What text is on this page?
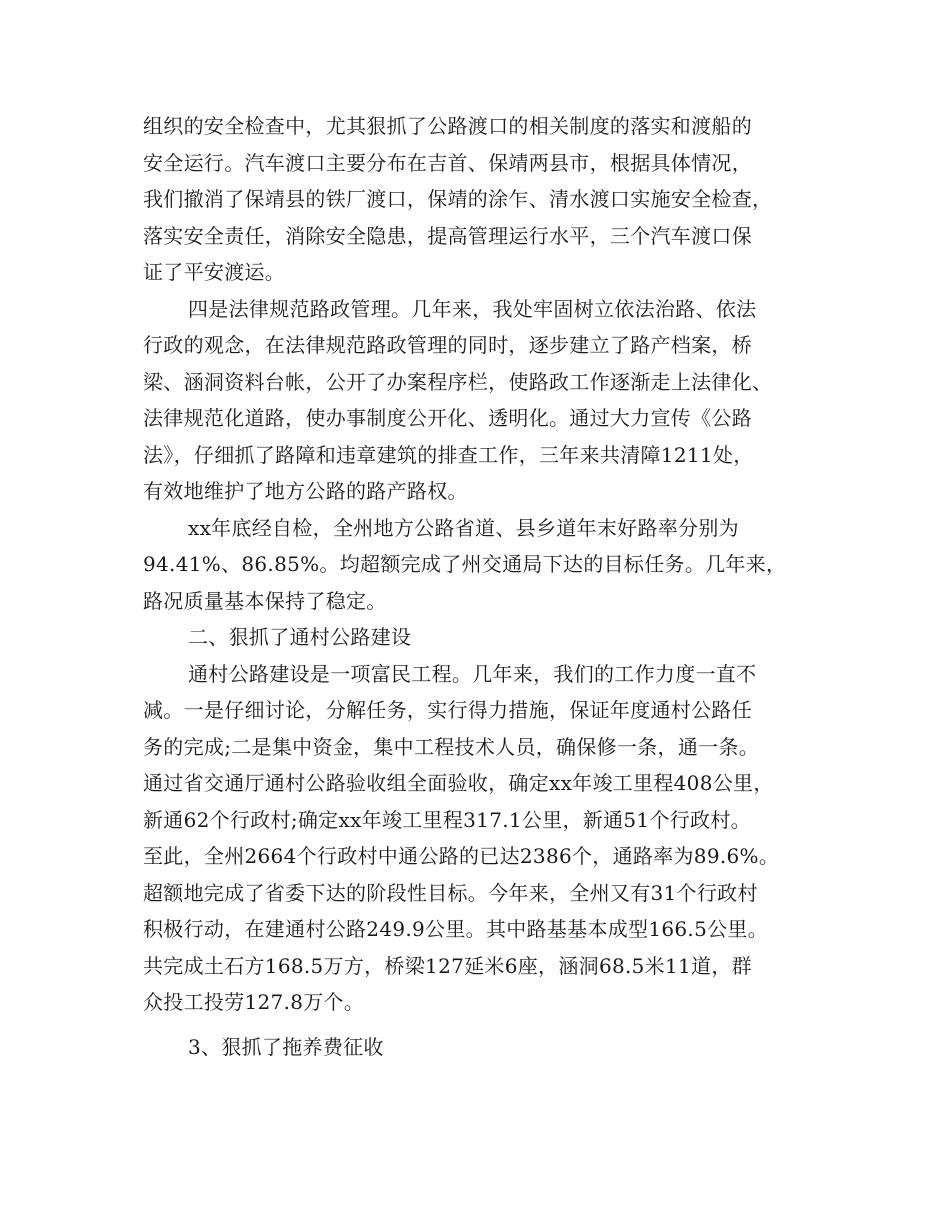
组织的安全检查中，尤其狠抓了公路渡口的相关制度的落实和渡船的
安全运行。汽车渡口主要分布在吉首、保靖两县市，根据具体情况，
我们撤消了保靖县的铁厂渡口，保靖的涂乍、清水渡口实施安全检查，
落实安全责任，消除安全隐患，提高管理运行水平，三个汽车渡口保
证了平安渡运。
四是法律规范路政管理。几年来，我处牢固树立依法治路、依法
行政的观念，在法律规范路政管理的同时，逐步建立了路产档案，桥
梁、涵洞资料台帐，公开了办案程序栏，使路政工作逐渐走上法律化、
法律规范化道路，使办事制度公开化、透明化。通过大力宣传《公路
法》，仔细抓了路障和违章建筑的排查工作，三年来共清障1211处，
有效地维护了地方公路的路产路权。
xx年底经自检，全州地方公路省道、县乡道年末好路率分别为
94.41%、86.85%。均超额完成了州交通局下达的目标任务。几年来，
路况质量基本保持了稳定。
二、狠抓了通村公路建设
通村公路建设是一项富民工程。几年来，我们的工作力度一直不
减。一是仔细讨论，分解任务，实行得力措施，保证年度通村公路任
务的完成;二是集中资金，集中工程技术人员，确保修一条，通一条。
通过省交通厅通村公路验收组全面验收，确定xx年竣工里程408公里，
新通62个行政村;确定xx年竣工里程317.1公里，新通51个行政村。
至此，全州2664个行政村中通公路的已达2386个，通路率为89.6%。
超额地完成了省委下达的阶段性目标。今年来，全州又有31个行政村
积极行动，在建通村公路249.9公里。其中路基基本成型166.5公里。
共完成土石方168.5万方，桥梁127延米6座，涵洞68.5米11道，群
众投工投劳127.8万个。
3、狠抓了拖养费征收
